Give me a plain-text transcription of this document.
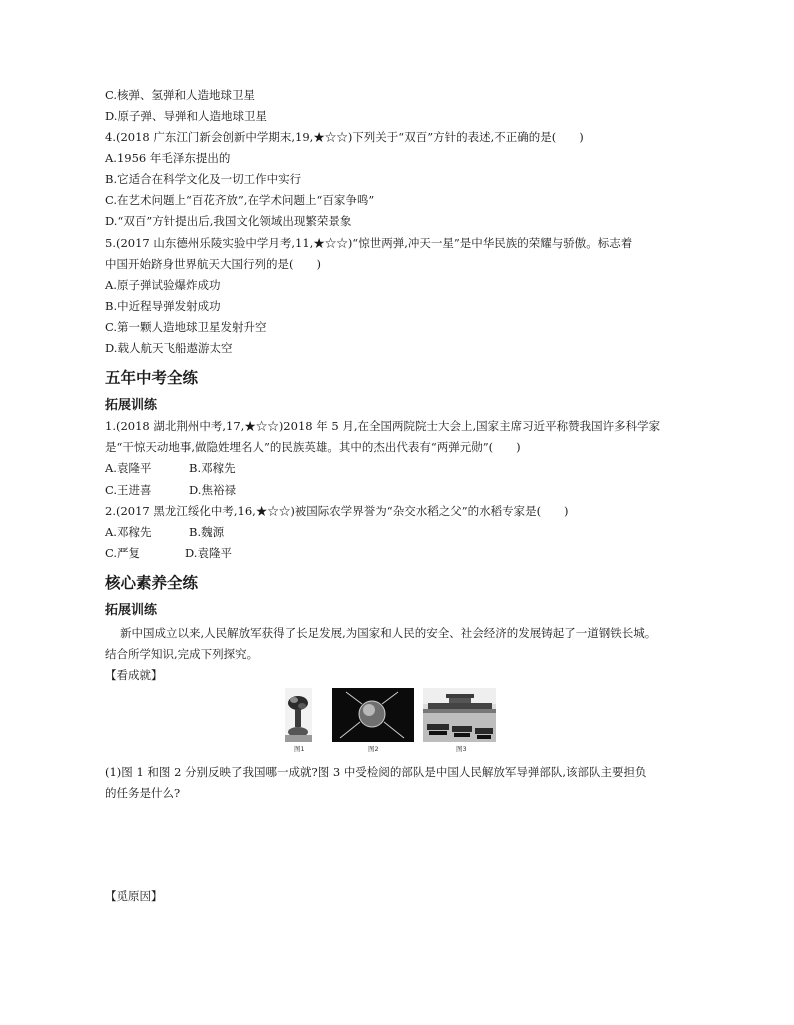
C.核弹、氢弹和人造地球卫星
D.原子弹、导弹和人造地球卫星
4.(2018 广东江门新会创新中学期末,19,★☆☆)下列关于“双百”方针的表述,不正确的是(　　)
A.1956 年毛泽东提出的
B.它适合在科学文化及一切工作中实行
C.在艺术问题上“百花齐放”,在学术问题上“百家争鸣”
D.“双百”方针提出后,我国文化领域出现繁荣景象
5.(2017 山东德州乐陵实验中学月考,11,★☆☆)“惊世两弹,冲天一星”是中华民族的荣耀与骄傲。标志着
中国开始跻身世界航天大国行列的是(　　)
A.原子弹试验爆炸成功
B.中近程导弹发射成功
C.第一颗人造地球卫星发射升空
D.载人航天飞船遨游太空
五年中考全练
拓展训练
1.(2018 湖北荆州中考,17,★☆☆)2018 年 5 月,在全国两院院士大会上,国家主席习近平称赞我国许多科学家
是“干惊天动地事,做隐姓埋名人”的民族英雄。其中的杰出代表有“两弹元勋”(　　)
A.袁隆平	B.邓稼先
C.王进喜	D.焦裕禄
2.(2017 黑龙江绥化中考,16,★☆☆)被国际农学界誉为“杂交水稻之父”的水稻专家是(　　)
A.邓稼先	B.魏源
C.严复	D.袁隆平
核心素养全练
拓展训练
新中国成立以来,人民解放军获得了长足发展,为国家和人民的安全、社会经济的发展铸起了一道钢铁长城。
结合所学知识,完成下列探究。
【看成就】
图1	图2	图3
(1)图 1 和图 2 分别反映了我国哪一成就?图 3 中受检阅的部队是中国人民解放军导弹部队,该部队主要担负
的任务是什么?
【觅原因】
